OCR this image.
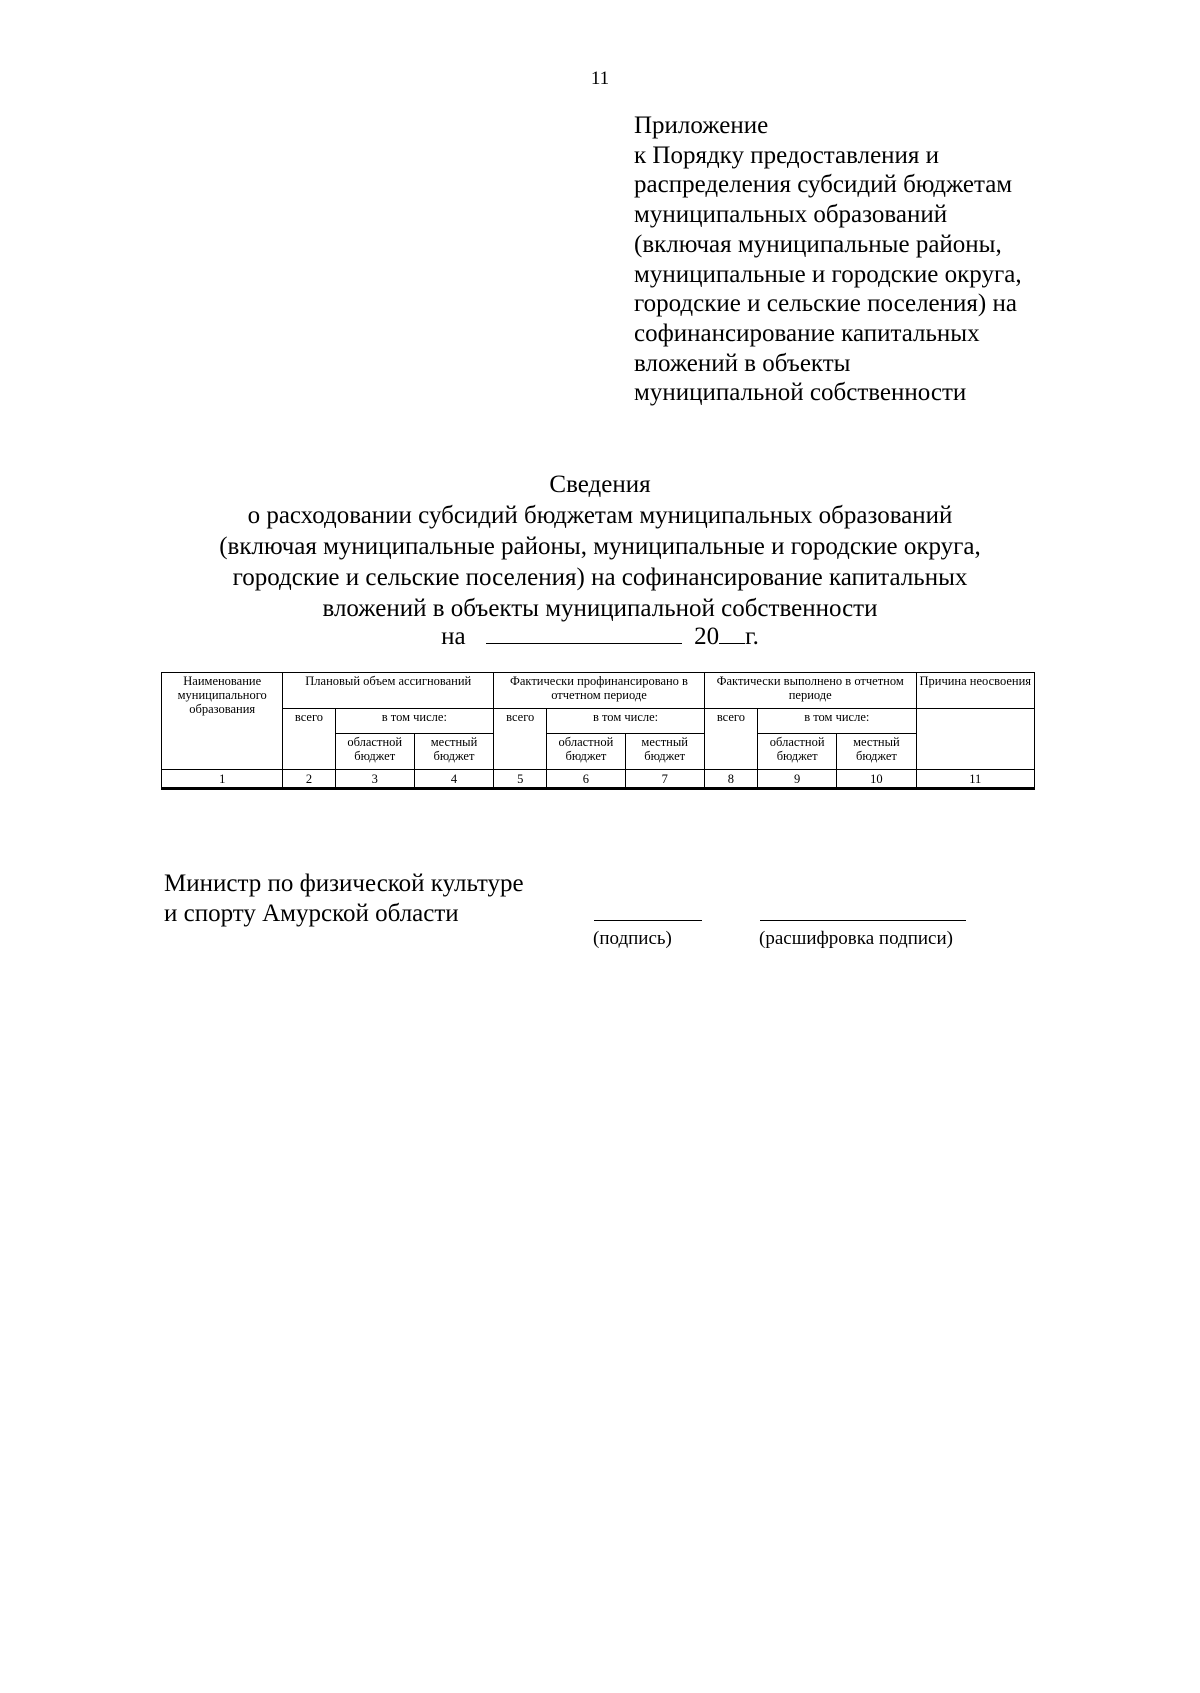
11
Приложение
к Порядку предоставления и
распределения субсидий бюджетам
муниципальных образований
(включая муниципальные районы,
муниципальные и городские округа,
городские и сельские поселения) на
софинансирование капитальных
вложений в объекты
муниципальной собственности
Сведения
о расходовании субсидий бюджетам муниципальных образований
(включая муниципальные районы, муниципальные и городские округа,
городские и сельские поселения) на софинансирование капитальных
вложений в объекты муниципальной собственности
на	20 г.
Наименование муниципального образования	Плановый объем ассигнований			Фактически профинансировано в отчетном периоде			Фактически выполнено в отчетном периоде			Причина неосвоения
	всего	в том числе:		всего	в том числе:		всего	в том числе:		
		областной бюджет	местный бюджет		областной бюджет	местный бюджет		областной бюджет	местный бюджет	
1	2	3	4	5	6	7	8	9	10	11

Министр по физической культуре
и спорту Амурской области
(подпись)	(расшифровка подписи)
